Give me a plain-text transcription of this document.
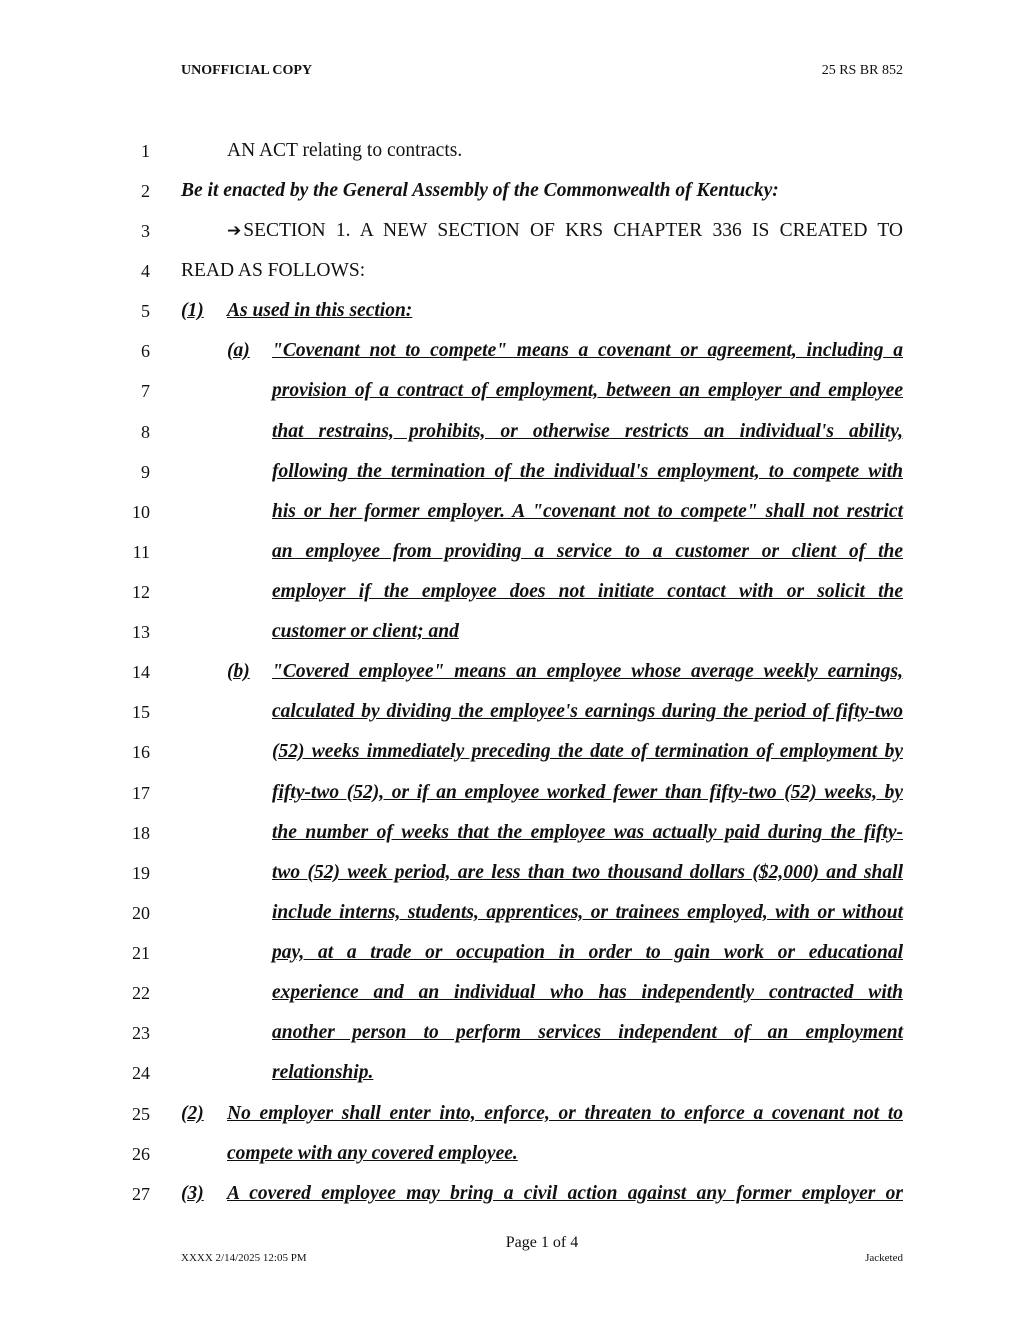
UNOFFICIAL COPY	25 RS BR 852
1
2
3
4
5
6
7
8
9
10
11
12
13
14
15
16
17
18
19
20
21
22
23
24
25
26
27
AN ACT relating to contracts.
Be it enacted by the General Assembly of the Commonwealth of Kentucky:
➔ SECTION 1. A NEW SECTION OF KRS CHAPTER 336 IS CREATED TO
READ AS FOLLOWS:
(1) As used in this section:
(a) "Covenant not to compete" means a covenant or agreement, including a
provision of a contract of employment, between an employer and employee
that restrains, prohibits, or otherwise restricts an individual's ability,
following the termination of the individual's employment, to compete with
his or her former employer. A "covenant not to compete" shall not restrict
an employee from providing a service to a customer or client of the
employer if the employee does not initiate contact with or solicit the
customer or client; and
(b) "Covered employee" means an employee whose average weekly earnings,
calculated by dividing the employee's earnings during the period of fifty-two
(52) weeks immediately preceding the date of termination of employment by
fifty-two (52), or if an employee worked fewer than fifty-two (52) weeks, by
the number of weeks that the employee was actually paid during the fifty-
two (52) week period, are less than two thousand dollars ($2,000) and shall
include interns, students, apprentices, or trainees employed, with or without
pay, at a trade or occupation in order to gain work or educational
experience and an individual who has independently contracted with
another person to perform services independent of an employment
relationship.
(2) No employer shall enter into, enforce, or threaten to enforce a covenant not to
compete with any covered employee.
(3) A covered employee may bring a civil action against any former employer or
Page 1 of 4
XXXX 2/14/2025 12:05 PM	Jacketed
